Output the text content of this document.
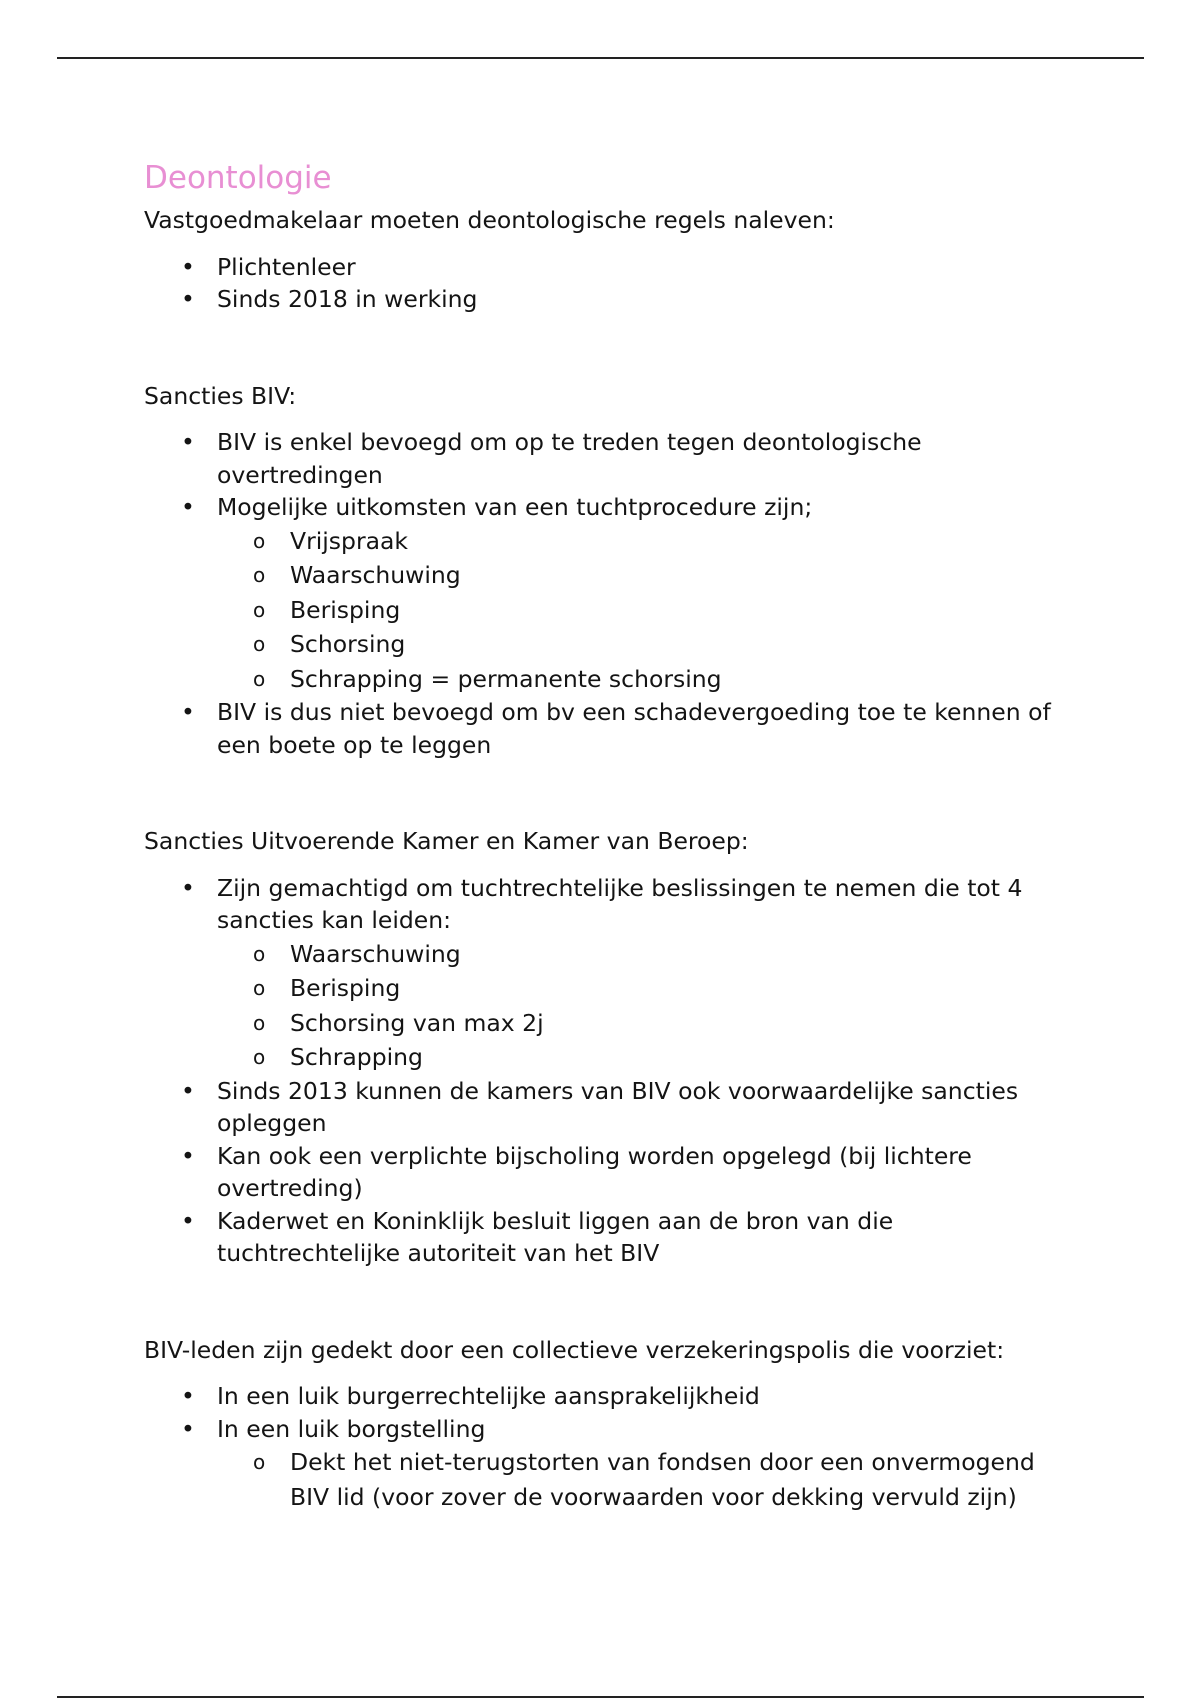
Deontologie

Vastgoedmakelaar moeten deontologische regels naleven:

• Plichtenleer
• Sinds 2018 in werking

Sancties BIV:

• BIV is enkel bevoegd om op te treden tegen deontologische overtredingen
• Mogelijke uitkomsten van een tuchtprocedure zijn;
o Vrijspraak
o Waarschuwing
o Berisping
o Schorsing
o Schrapping = permanente schorsing
• BIV is dus niet bevoegd om bv een schadevergoeding toe te kennen of een boete op te leggen

Sancties Uitvoerende Kamer en Kamer van Beroep:

• Zijn gemachtigd om tuchtrechtelijke beslissingen te nemen die tot 4 sancties kan leiden:
o Waarschuwing
o Berisping
o Schorsing van max 2j
o Schrapping
• Sinds 2013 kunnen de kamers van BIV ook voorwaardelijke sancties opleggen
• Kan ook een verplichte bijscholing worden opgelegd (bij lichtere overtreding)
• Kaderwet en Koninklijk besluit liggen aan de bron van die tuchtrechtelijke autoriteit van het BIV

BIV-leden zijn gedekt door een collectieve verzekeringspolis die voorziet:

• In een luik burgerrechtelijke aansprakelijkheid
• In een luik borgstelling
o Dekt het niet-terugstorten van fondsen door een onvermogend BIV lid (voor zover de voorwaarden voor dekking vervuld zijn)
